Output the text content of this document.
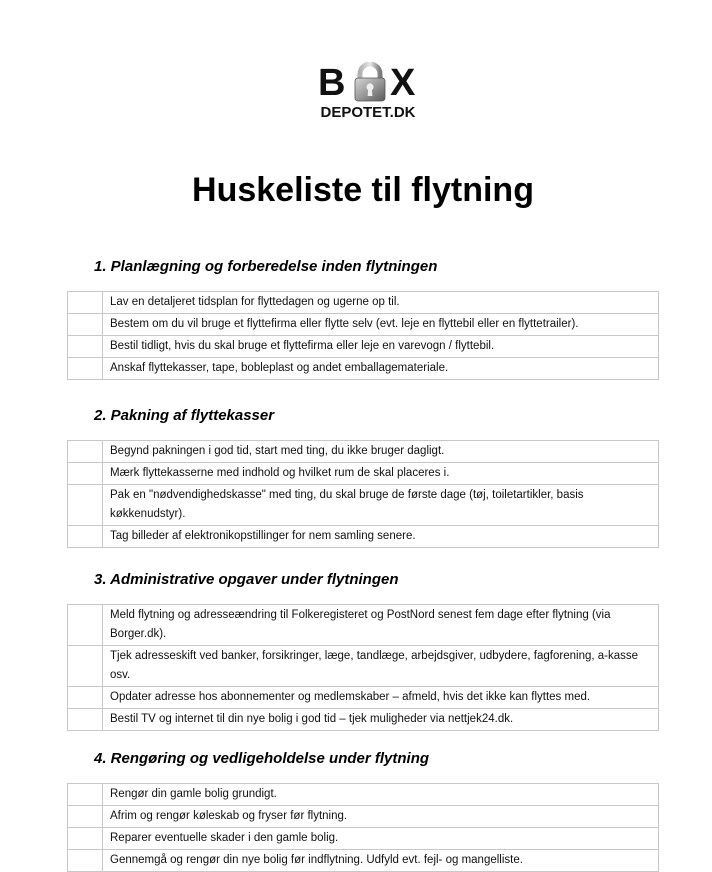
B X
DEPOTET.DK
Huskeliste til flytning
1. Planlægning og forberedelse inden flytningen
	Lav en detaljeret tidsplan for flyttedagen og ugerne op til.
	Bestem om du vil bruge et flyttefirma eller flytte selv (evt. leje en flyttebil eller en flyttetrailer).
	Bestil tidligt, hvis du skal bruge et flyttefirma eller leje en varevogn / flyttebil.
	Anskaf flyttekasser, tape, bobleplast og andet emballagemateriale.
2. Pakning af flyttekasser
	Begynd pakningen i god tid, start med ting, du ikke bruger dagligt.
	Mærk flyttekasserne med indhold og hvilket rum de skal placeres i.
	Pak en "nødvendighedskasse" med ting, du skal bruge de første dage (tøj, toiletartikler, basis køkkenudstyr).
	Tag billeder af elektronikopstillinger for nem samling senere.
3. Administrative opgaver under flytningen
	Meld flytning og adresseændring til Folkeregisteret og PostNord senest fem dage efter flytning (via Borger.dk).
	Tjek adresseskift ved banker, forsikringer, læge, tandlæge, arbejdsgiver, udbydere, fagforening, a-kasse osv.
	Opdater adresse hos abonnementer og medlemskaber – afmeld, hvis det ikke kan flyttes med.
	Bestil TV og internet til din nye bolig i god tid – tjek muligheder via nettjek24.dk.
4. Rengøring og vedligeholdelse under flytning
	Rengør din gamle bolig grundigt.
	Afrim og rengør køleskab og fryser før flytning.
	Reparer eventuelle skader i den gamle bolig.
	Gennemgå og rengør din nye bolig før indflytning. Udfyld evt. fejl- og mangelliste.
